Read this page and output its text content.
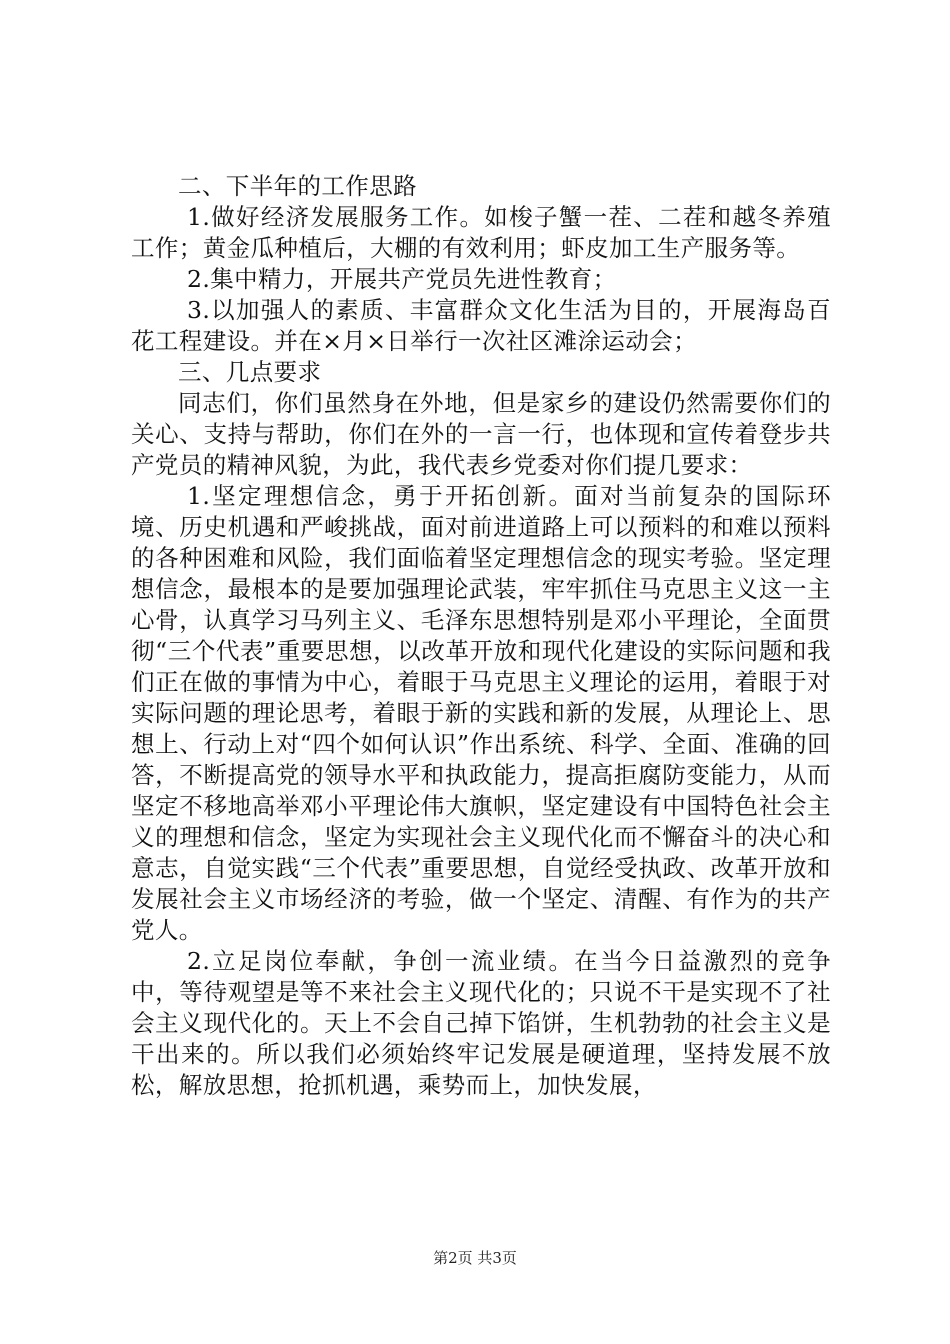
二、下半年的工作思路

1.做好经济发展服务工作。如梭子蟹一茬、二茬和越冬养殖工作；黄金瓜种植后，大棚的有效利用；虾皮加工生产服务等。

2.集中精力，开展共产党员先进性教育；

3.以加强人的素质、丰富群众文化生活为目的，开展海岛百花工程建设。并在×月×日举行一次社区滩涂运动会；

三、几点要求

同志们，你们虽然身在外地，但是家乡的建设仍然需要你们的关心、支持与帮助，你们在外的一言一行，也体现和宣传着登步共产党员的精神风貌，为此，我代表乡党委对你们提几要求：

1.坚定理想信念，勇于开拓创新。面对当前复杂的国际环境、历史机遇和严峻挑战，面对前进道路上可以预料的和难以预料的各种困难和风险，我们面临着坚定理想信念的现实考验。坚定理想信念，最根本的是要加强理论武装，牢牢抓住马克思主义这一主心骨，认真学习马列主义、毛泽东思想特别是邓小平理论，全面贯彻“三个代表”重要思想，以改革开放和现代化建设的实际问题和我们正在做的事情为中心，着眼于马克思主义理论的运用，着眼于对实际问题的理论思考，着眼于新的实践和新的发展，从理论上、思想上、行动上对“四个如何认识”作出系统、科学、全面、准确的回答，不断提高党的领导水平和执政能力，提高拒腐防变能力，从而坚定不移地高举邓小平理论伟大旗帜，坚定建设有中国特色社会主义的理想和信念，坚定为实现社会主义现代化而不懈奋斗的决心和意志，自觉实践“三个代表”重要思想，自觉经受执政、改革开放和发展社会主义市场经济的考验，做一个坚定、清醒、有作为的共产党人。

2.立足岗位奉献，争创一流业绩。在当今日益激烈的竞争中，等待观望是等不来社会主义现代化的；只说不干是实现不了社会主义现代化的。天上不会自己掉下馅饼，生机勃勃的社会主义是干出来的。所以我们必须始终牢记发展是硬道理，坚持发展不放松，解放思想，抢抓机遇，乘势而上，加快发展，

第2页 共3页
